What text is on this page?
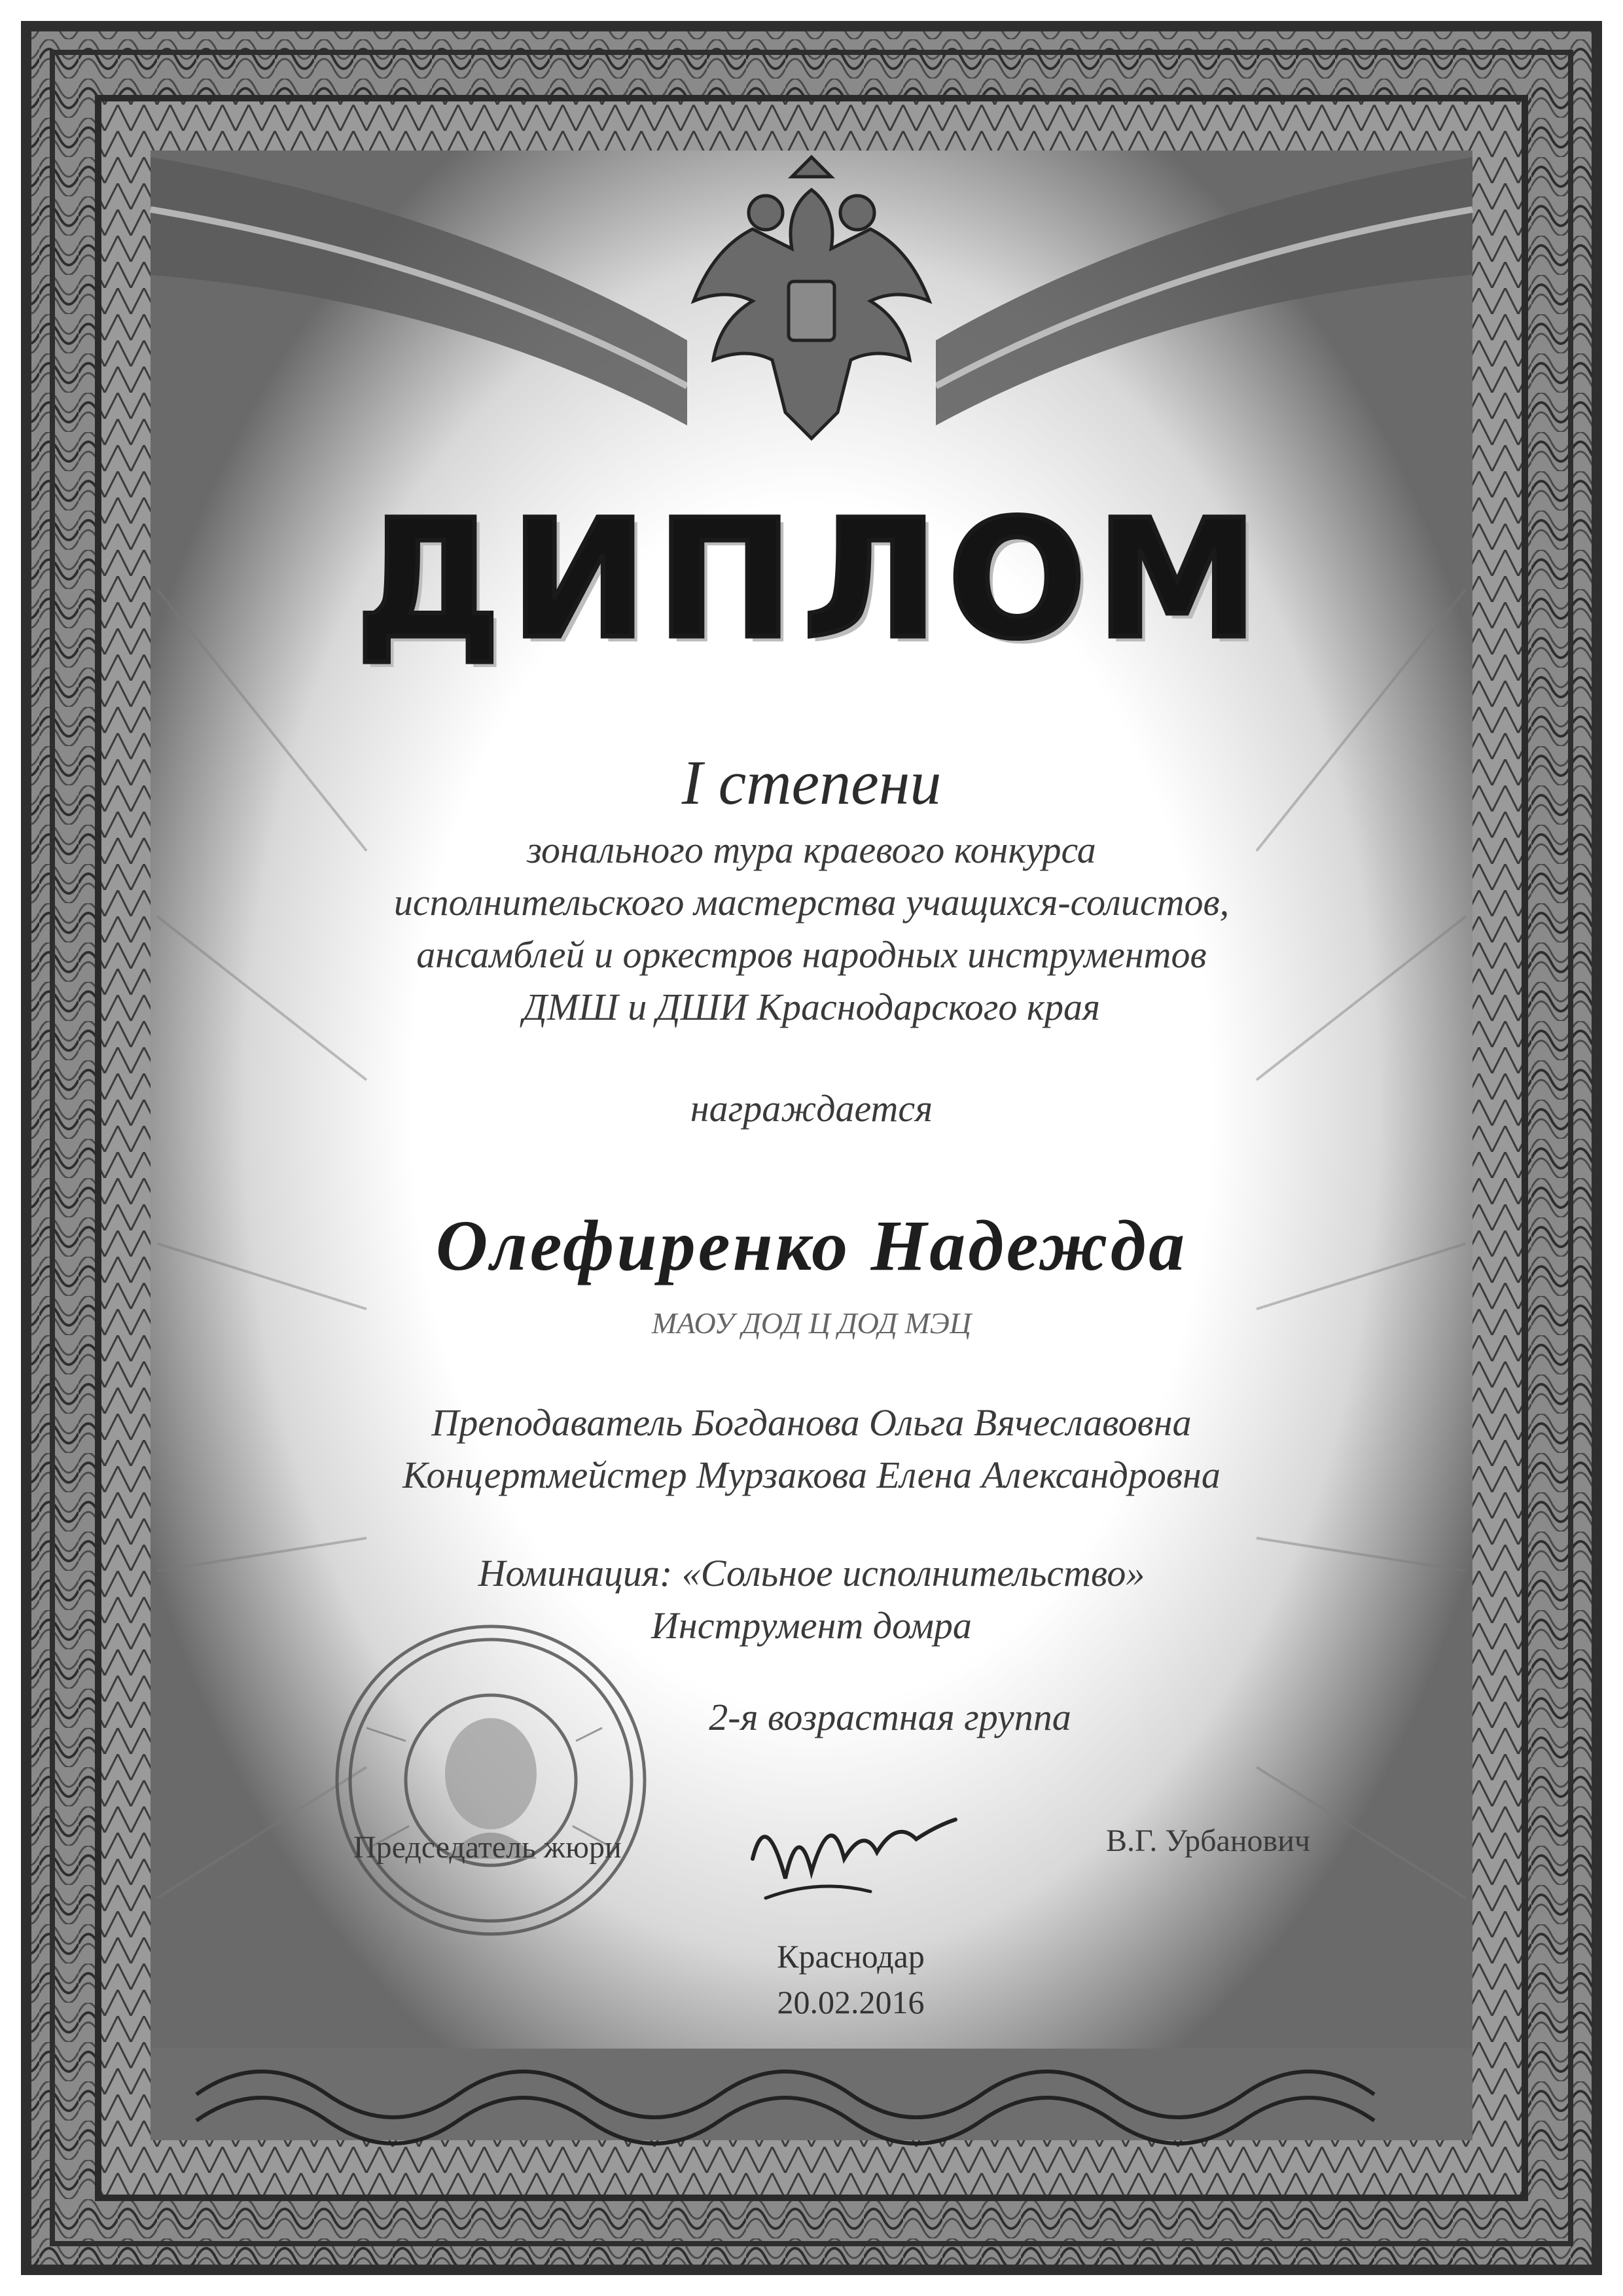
ДИПЛОМ
I степени
зонального тура краевого конкурса
исполнительского мастерства учащихся-солистов,
ансамблей и оркестров народных инструментов
ДМШ и ДШИ Краснодарского края
награждается
Олефиренко Надежда
МАОУ ДОД Ц ДОД МЭЦ
Преподаватель Богданова Ольга Вячеславовна
Концертмейстер Мурзакова Елена Александровна
Номинация: «Сольное исполнительство»
Инструмент домра
2-я возрастная группа
Председатель жюри	В.Г. Урбанович
Краснодар
20.02.2016
